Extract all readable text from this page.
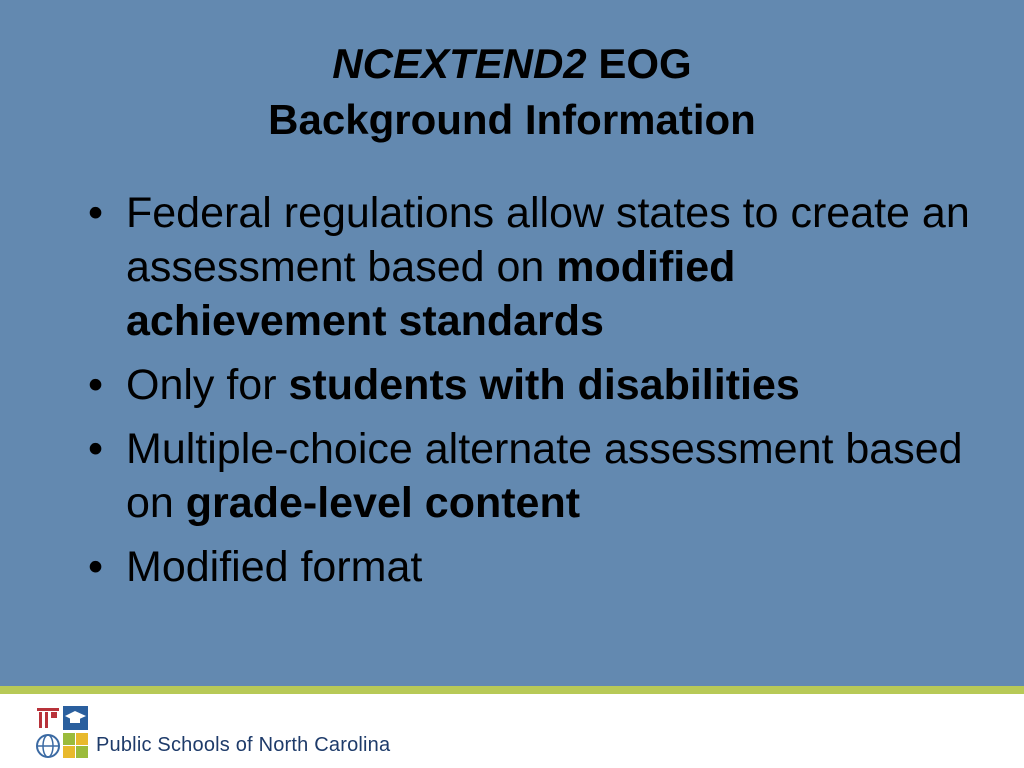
NCEXTEND2 EOG
Background Information
• Federal regulations allow states to create an assessment based on modified achievement standards
• Only for students with disabilities
• Multiple-choice alternate assessment based on grade-level content
• Modified format
Public Schools of North Carolina
